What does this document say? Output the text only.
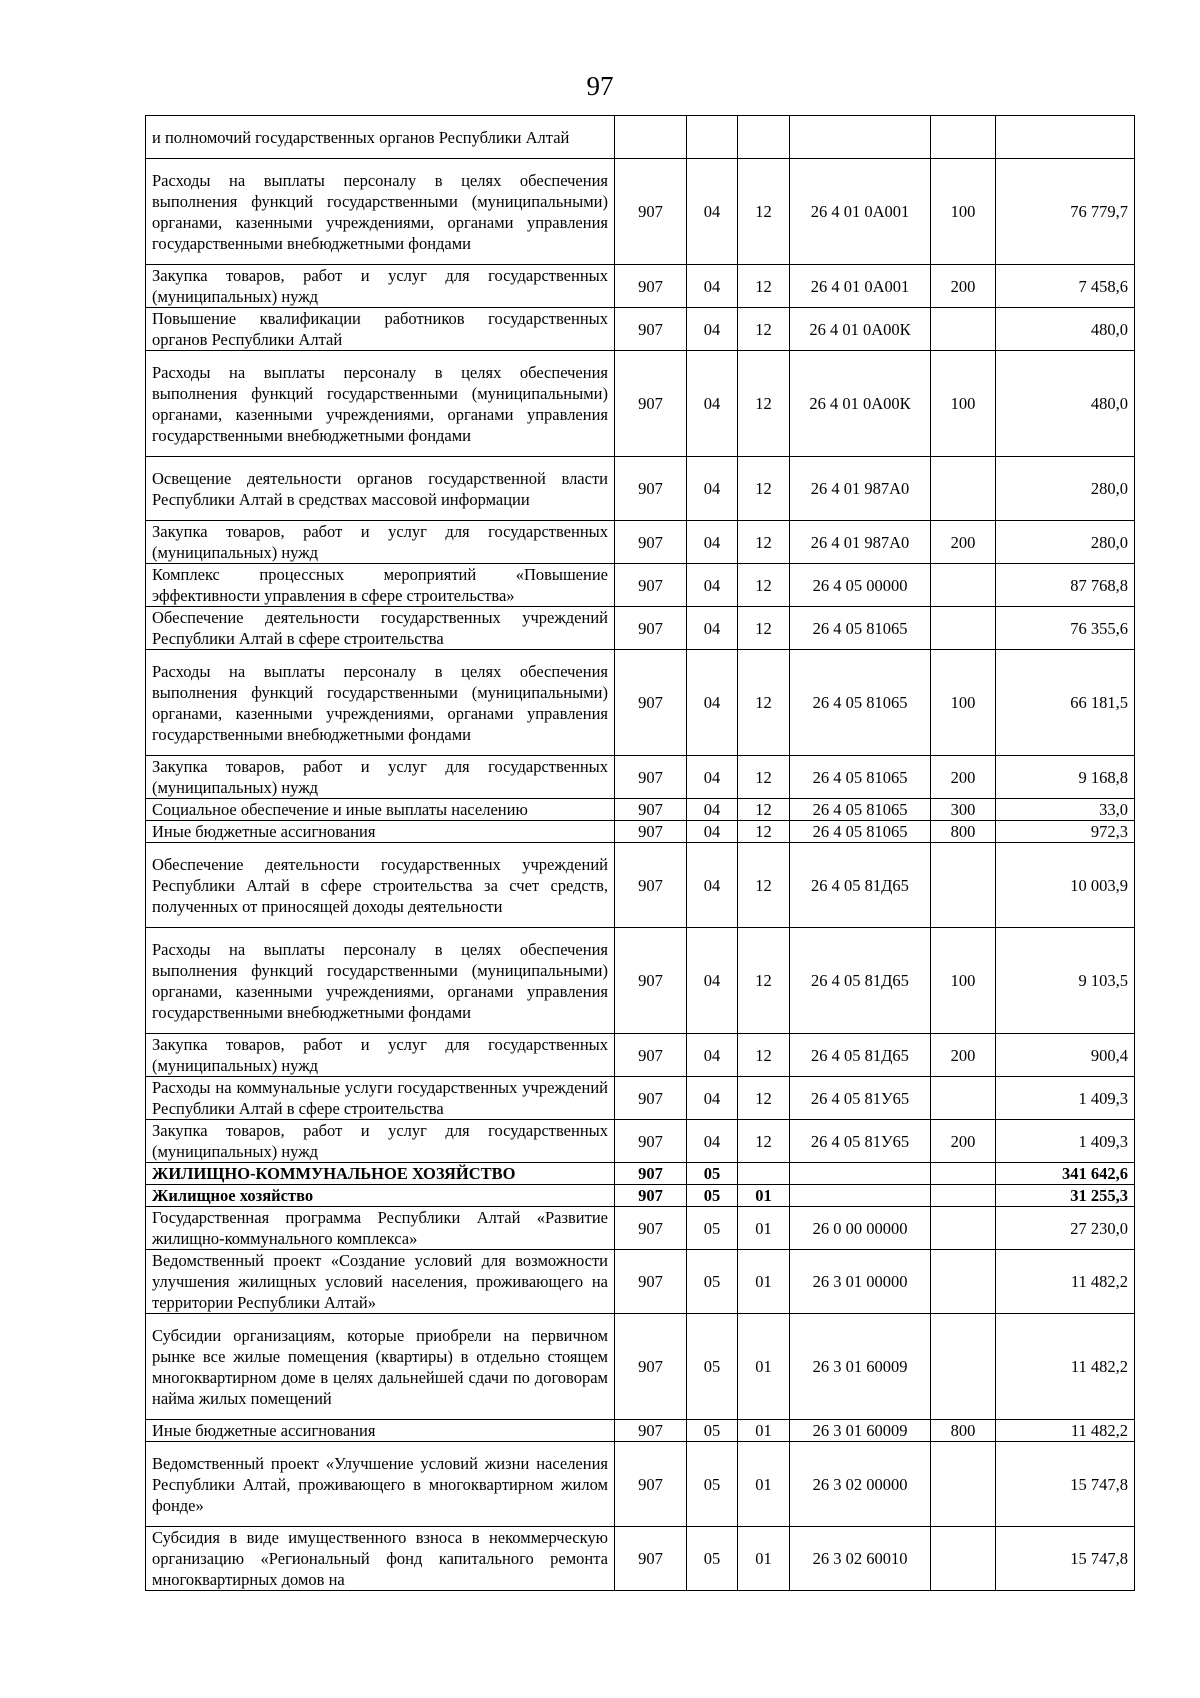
97
и полномочий государственных органов Республики Алтай						
Расходы на выплаты персоналу в целях обеспечения выполнения функций государственными (муниципальными) органами, казенными учреждениями, органами управления государственными внебюджетными фондами	907	04	12	26 4 01 0А001	100	76 779,7
Закупка товаров, работ и услуг для государственных (муниципальных) нужд	907	04	12	26 4 01 0А001	200	7 458,6
Повышение квалификации работников государственных органов Республики Алтай	907	04	12	26 4 01 0А00К		480,0
Расходы на выплаты персоналу в целях обеспечения выполнения функций государственными (муниципальными) органами, казенными учреждениями, органами управления государственными внебюджетными фондами	907	04	12	26 4 01 0А00К	100	480,0
Освещение деятельности органов государственной власти Республики Алтай в средствах массовой информации	907	04	12	26 4 01 987А0		280,0
Закупка товаров, работ и услуг для государственных (муниципальных) нужд	907	04	12	26 4 01 987А0	200	280,0
Комплекс процессных мероприятий «Повышение эффективности управления в сфере строительства»	907	04	12	26 4 05 00000		87 768,8
Обеспечение деятельности государственных учреждений Республики Алтай в сфере строительства	907	04	12	26 4 05 81065		76 355,6
Расходы на выплаты персоналу в целях обеспечения выполнения функций государственными (муниципальными) органами, казенными учреждениями, органами управления государственными внебюджетными фондами	907	04	12	26 4 05 81065	100	66 181,5
Закупка товаров, работ и услуг для государственных (муниципальных) нужд	907	04	12	26 4 05 81065	200	9 168,8
Социальное обеспечение и иные выплаты населению	907	04	12	26 4 05 81065	300	33,0
Иные бюджетные ассигнования	907	04	12	26 4 05 81065	800	972,3
Обеспечение деятельности государственных учреждений Республики Алтай в сфере строительства за счет средств, полученных от приносящей доходы деятельности	907	04	12	26 4 05 81Д65		10 003,9
Расходы на выплаты персоналу в целях обеспечения выполнения функций государственными (муниципальными) органами, казенными учреждениями, органами управления государственными внебюджетными фондами	907	04	12	26 4 05 81Д65	100	9 103,5
Закупка товаров, работ и услуг для государственных (муниципальных) нужд	907	04	12	26 4 05 81Д65	200	900,4
Расходы на коммунальные услуги государственных учреждений Республики Алтай в сфере строительства	907	04	12	26 4 05 81У65		1 409,3
Закупка товаров, работ и услуг для государственных (муниципальных) нужд	907	04	12	26 4 05 81У65	200	1 409,3
ЖИЛИЩНО-КОММУНАЛЬНОЕ ХОЗЯЙСТВО	907	05				341 642,6
Жилищное хозяйство	907	05	01			31 255,3
Государственная программа Республики Алтай «Развитие жилищно-коммунального комплекса»	907	05	01	26 0 00 00000		27 230,0
Ведомственный проект «Создание условий для возможности улучшения жилищных условий населения, проживающего на территории Республики Алтай»	907	05	01	26 3 01 00000		11 482,2
Субсидии организациям, которые приобрели на первичном рынке все жилые помещения (квартиры) в отдельно стоящем многоквартирном доме в целях дальнейшей сдачи по договорам найма жилых помещений	907	05	01	26 3 01 60009		11 482,2
Иные бюджетные ассигнования	907	05	01	26 3 01 60009	800	11 482,2
Ведомственный проект «Улучшение условий жизни населения Республики Алтай, проживающего в многоквартирном жилом фонде»	907	05	01	26 3 02 00000		15 747,8
Субсидия в виде имущественного взноса в некоммерческую организацию «Региональный фонд капитального ремонта многоквартирных домов на	907	05	01	26 3 02 60010		15 747,8
